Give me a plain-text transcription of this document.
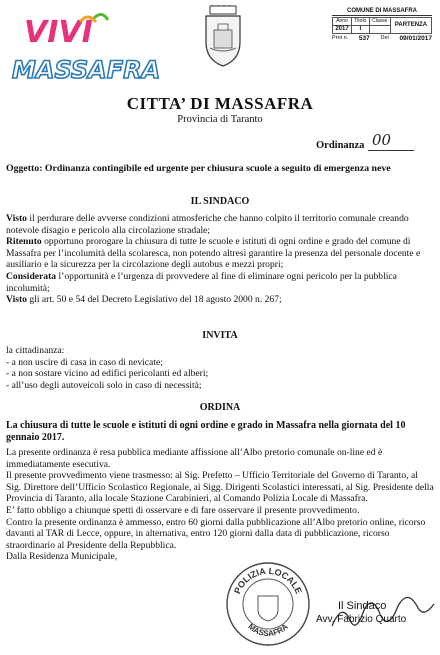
VIVI
MASSAFRA
COMUNE DI MASSAFRA
Anno	Titolo	Classe	PARTENZA
2017	I		
Prot n. 537 Del 09/01/2017
CITTA’ DI MASSAFRA
Provincia di Taranto
Ordinanza 00
Oggetto: Ordinanza contingibile ed urgente per chiusura scuole a seguito di emergenza neve
IL SINDACO

Visto il perdurare delle avverse condizioni atmosferiche che hanno colpito il territorio comunale creando notevole disagio e pericolo alla circolazione stradale;

Ritenuto opportuno prorogare la chiusura di tutte le scuole e istituti di ogni ordine e grado del comune di Massafra per l’incolumità della scolaresca, non potendo altresì garantire la presenza del personale docente e ausiliario e la sicurezza per la circolazione degli autobus e mezzi propri;

Considerata l’opportunità e l’urgenza di provvedere al fine di eliminare ogni pericolo per la pubblica incolumità;

Visto gli art. 50 e 54 del Decreto Legislativo del 18 agosto 2000 n. 267;

INVITA

la cittadinanza:

- a non uscire di casa in caso di nevicate;
- a non sostare vicino ad edifici pericolanti ed alberi;
- all’uso degli autoveicoli solo in caso di necessità;
ORDINA
La chiusura di tutte le scuole e istituti di ogni ordine e grado in Massafra nella giornata del 10 gennaio 2017.

La presente ordinanza è resa pubblica mediante affissione all’Albo pretorio comunale on-line ed è immediatamente esecutiva.

Il presente provvedimento viene trasmesso: al Sig. Prefetto – Ufficio Territoriale del Governo di Taranto, al Sig. Direttore dell’Ufficio Scolastico Regionale, ai Sigg. Dirigenti Scolastici interessati, al Sig. Presidente della Provincia di Taranto, alla locale Stazione Carabinieri, al Comando Polizia Locale di Massafra.

E’ fatto obbligo a chiunque spetti di osservare e di fare osservare il presente provvedimento.

Contro la presente ordinanza è ammesso, entro 60 giorni dalla pubblicazione all’Albo pretorio online, ricorso davanti al TAR di Lecce, oppure, in alternativa, entro 120 giorni dalla data di pubblicazione, ricorso straordinario al Presidente della Repubblica.

Dalla Residenza Municipale,

POLIZIA LOCALE
MASSAFRA
Il Sindaco
Avv. Fabrizio Quarto
